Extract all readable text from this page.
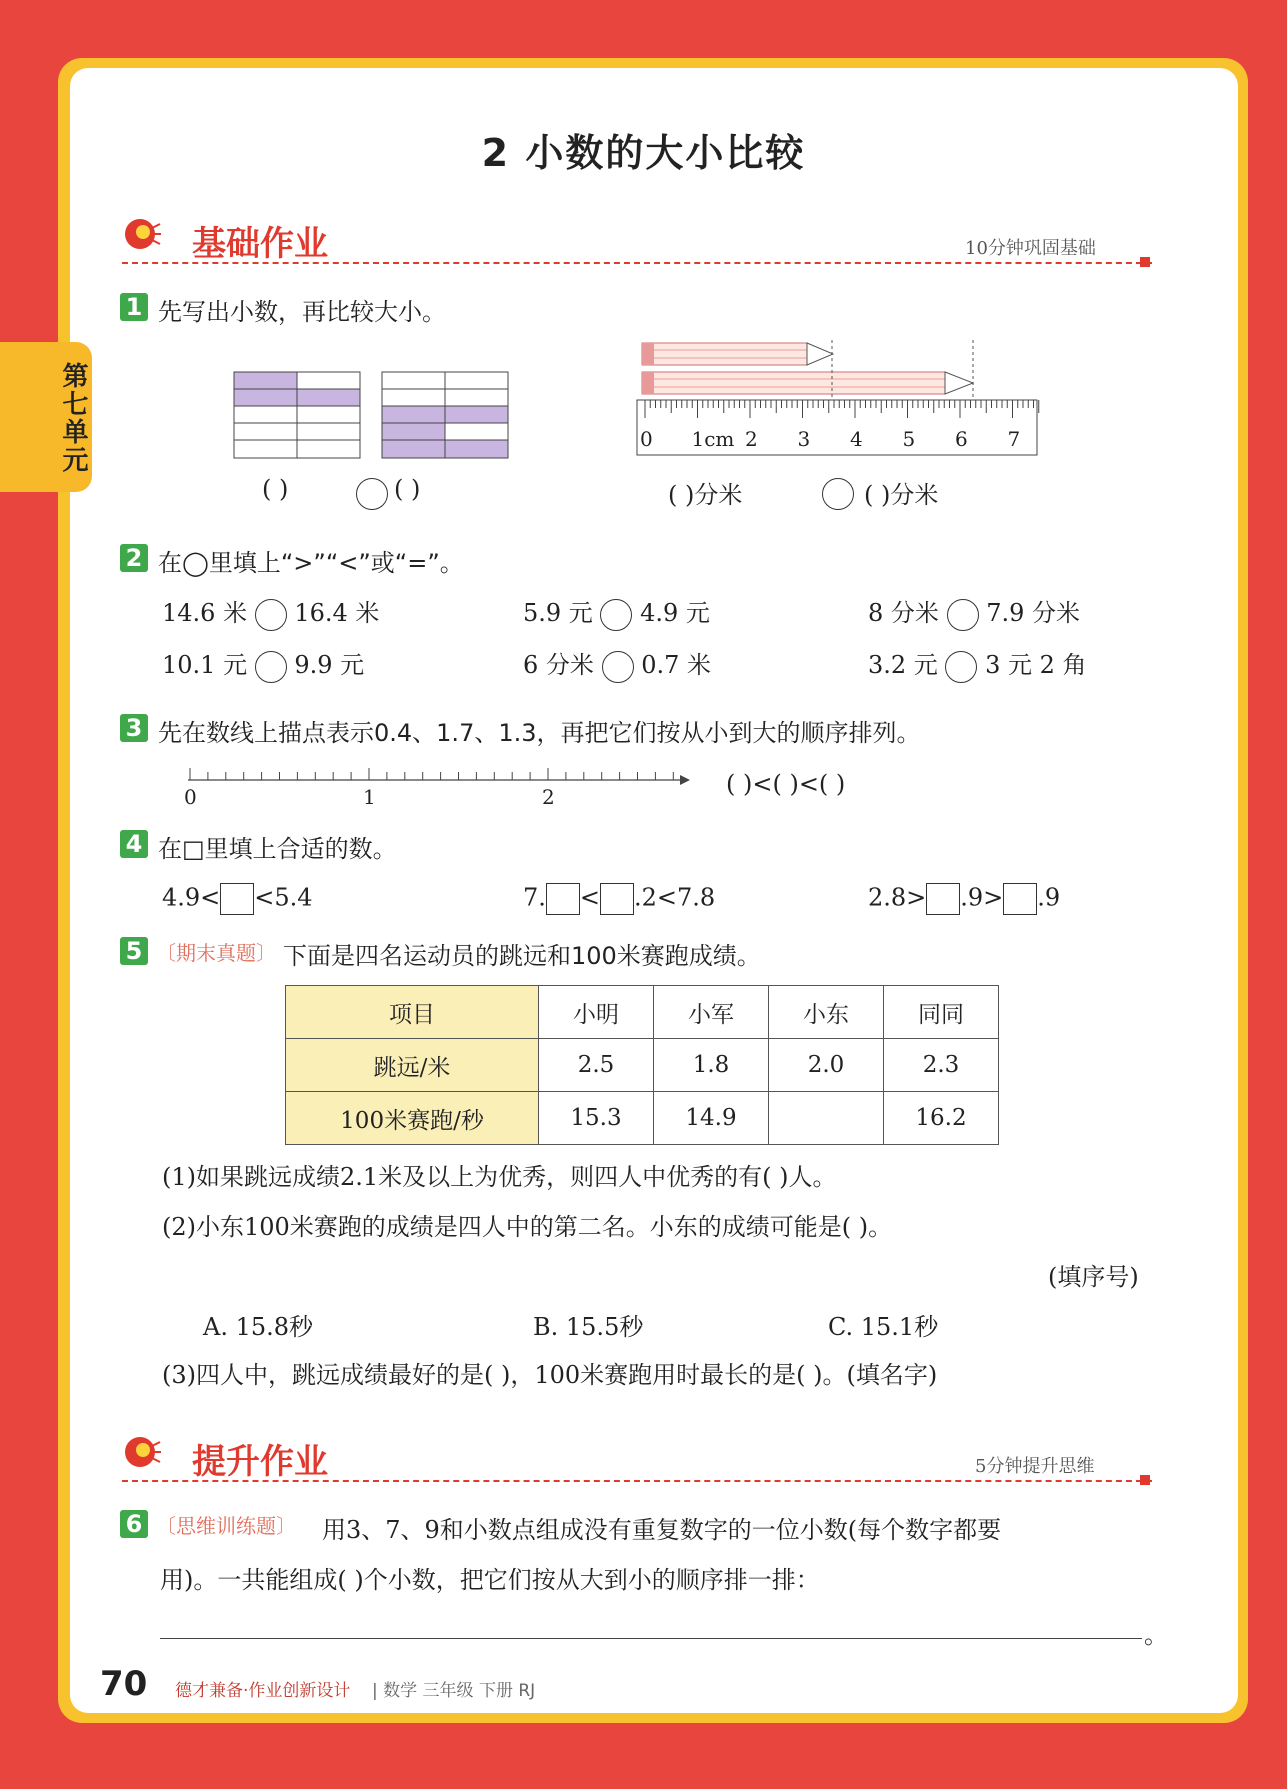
第七单元
2 小数的大小比较
基础作业	10分钟巩固基础
1 先写出小数，再比较大小。
( )	( )
0 1cm 2 3 4 5 6 7
( )分米	( )分米
2 在◯里填上“>”“<”或“=”。
14.6 米 16.4 米	5.9 元 4.9 元	8 分米 7.9 分米
10.1 元 9.9 元	6 分米 0.7 米	3.2 元 3 元 2 角
3 先在数线上描点表示0.4、1.7、1.3，再把它们按从小到大的顺序排列。
0	1	2	( )<( )<( )
4 在□里填上合适的数。
4.9< <5.4	7. < .2<7.8	2.8> .9> .9
5 〔期末真题〕 下面是四名运动员的跳远和100米赛跑成绩。
项目	小明	小军	小东	同同
跳远/米	2.5	1.8	2.0	2.3
100米赛跑/秒	15.3	14.9		16.2
(1)如果跳远成绩2.1米及以上为优秀，则四人中优秀的有( )人。
(2)小东100米赛跑的成绩是四人中的第二名。小东的成绩可能是( )。
(填序号)
A. 15.8秒	B. 15.5秒	C. 15.1秒
(3)四人中，跳远成绩最好的是( )，100米赛跑用时最长的是( )。(填名字)
提升作业	5分钟提升思维
6 〔思维训练题〕 用3、7、9和小数点组成没有重复数字的一位小数(每个数字都要
用)。一共能组成( )个小数，把它们按从大到小的顺序排一排：
。
70 德才兼备·作业创新设计 | 数学 三年级 下册 RJ
